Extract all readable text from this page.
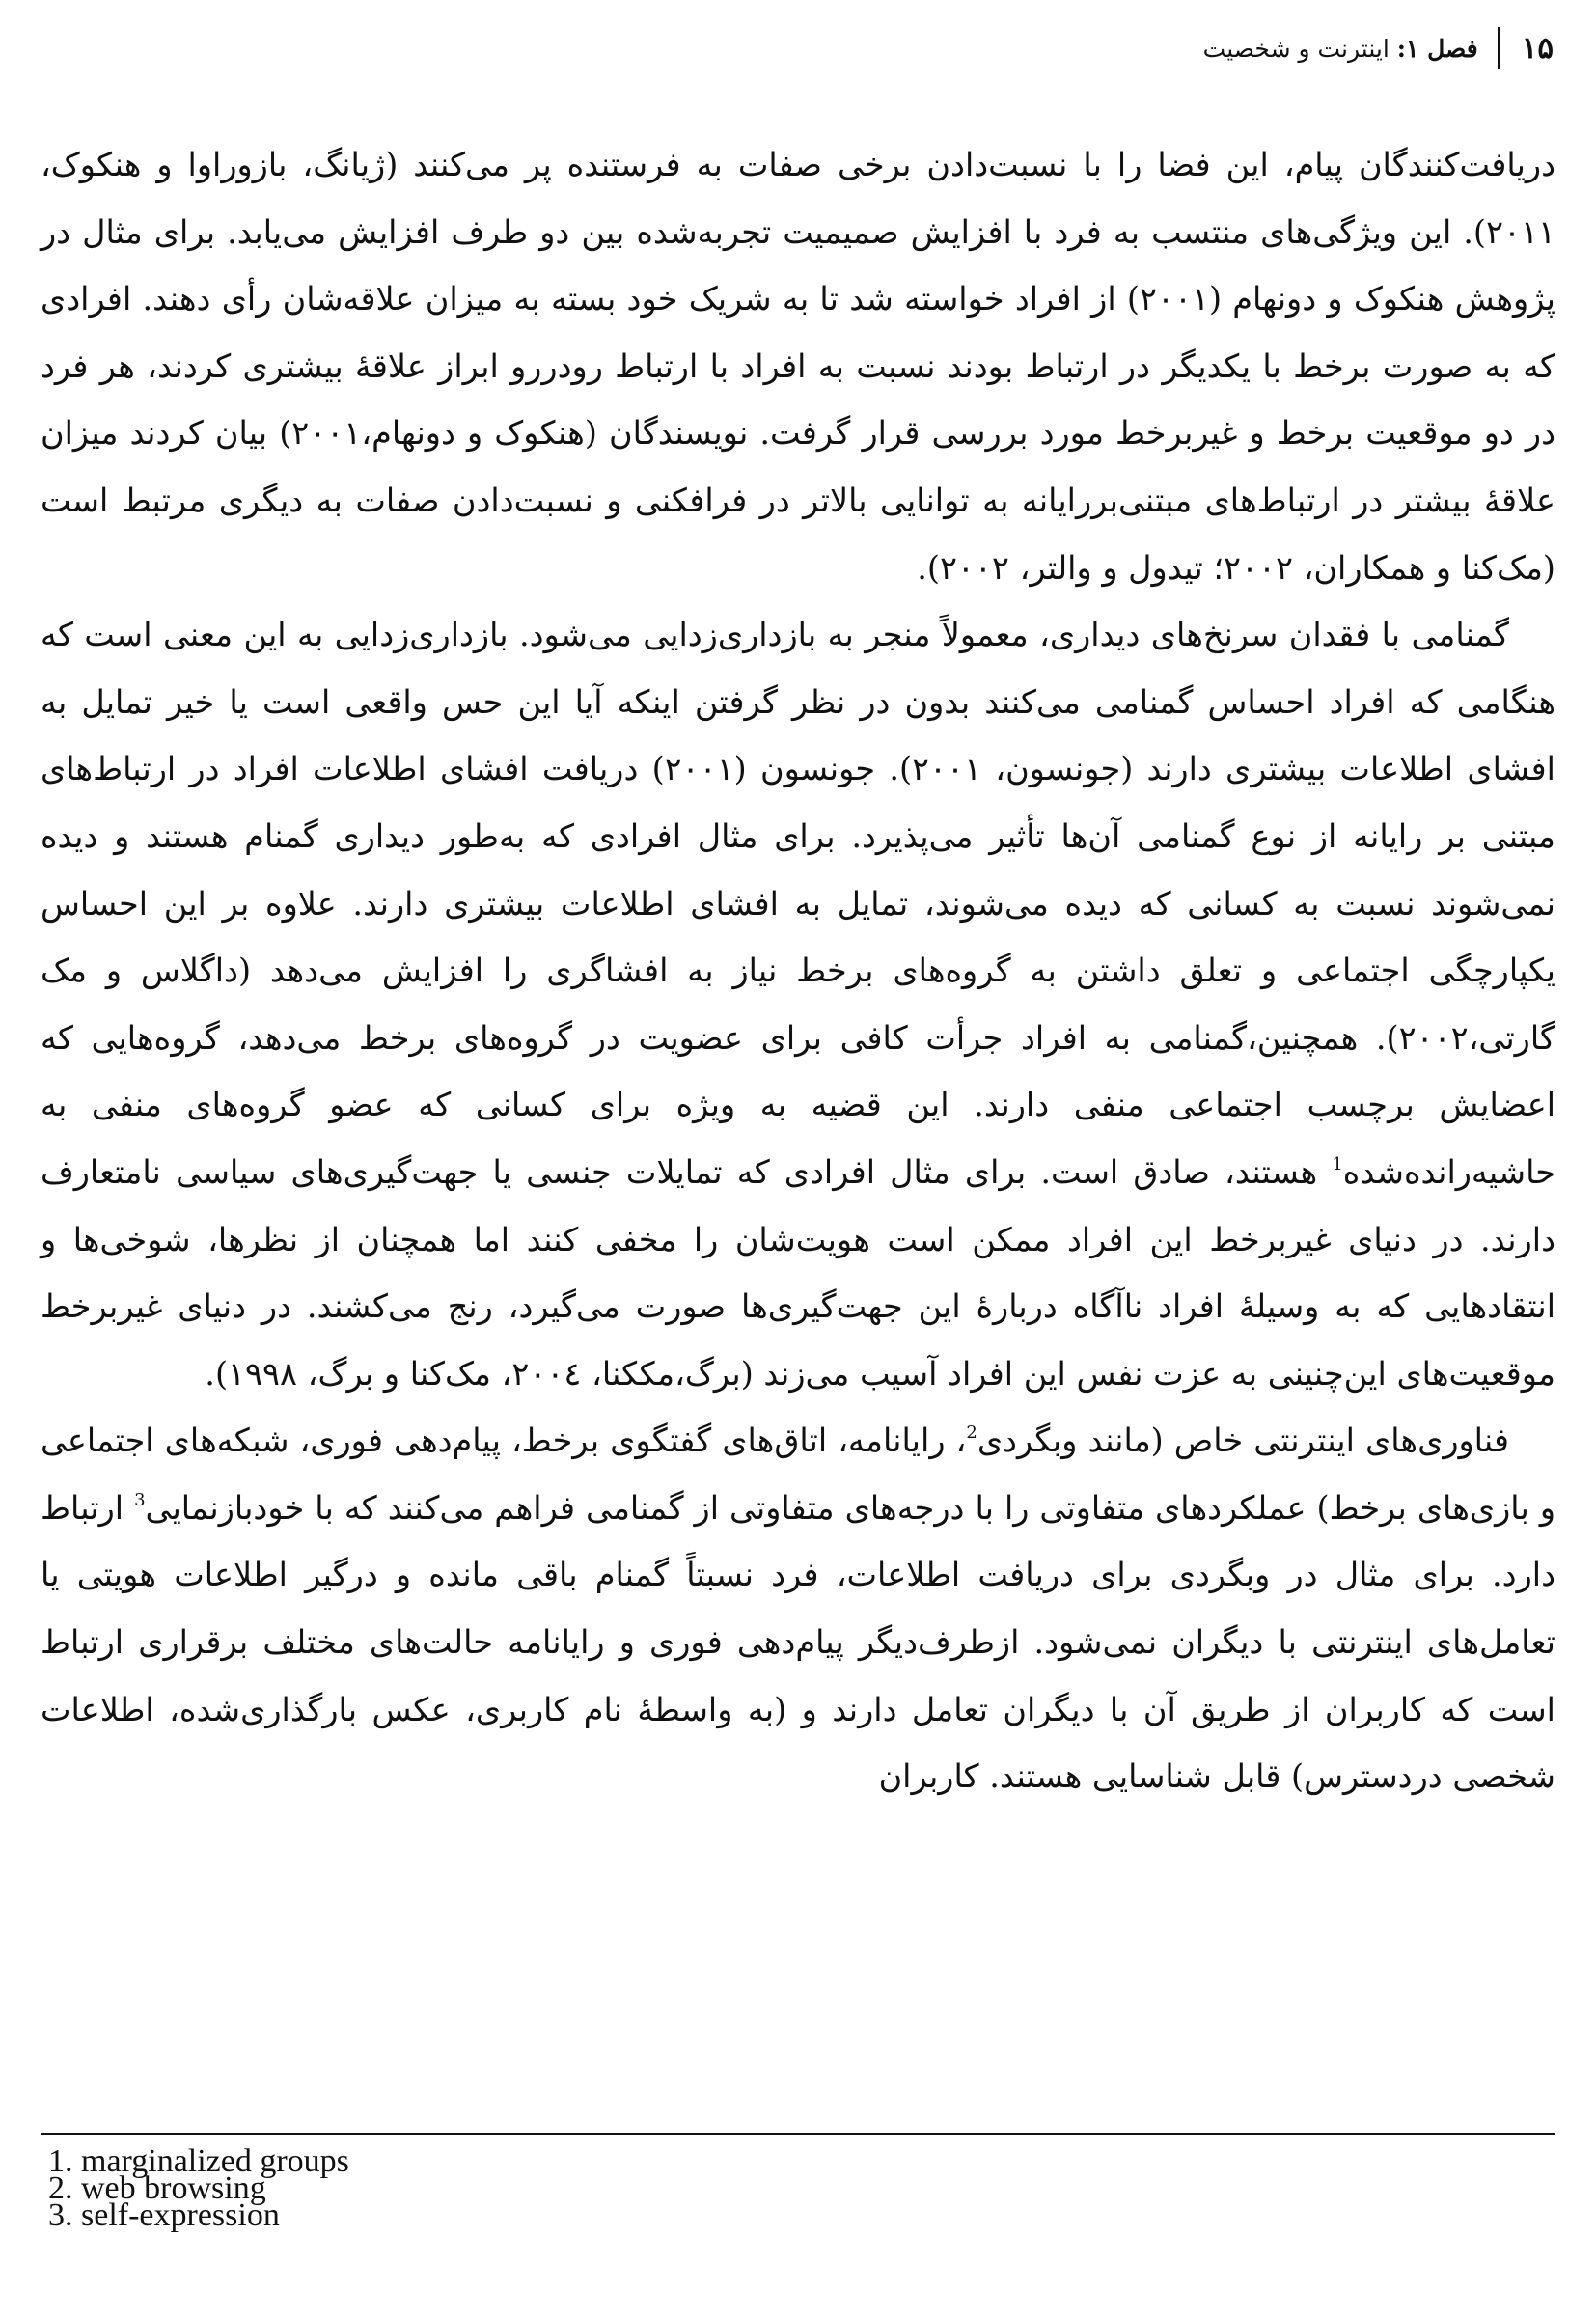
۱۵
فصل ۱: اینترنت و شخصیت

دریافت‌کنندگان پیام، این فضا را با نسبت‌دادن برخی صفات به فرستنده پر می‌کنند (ژیانگ، بازوراوا و هنکوک، ۲۰۱۱). این ویژگی‌های منتسب به فرد با افزایش صمیمیت تجربه‌شده بین دو طرف افزایش می‌یابد. برای مثال در پژوهش هنکوک و دونهام (۲۰۰۱) از افراد خواسته شد تا به شریک خود بسته به میزان علاقه‌شان رأی دهند. افرادی که به صورت برخط با یکدیگر در ارتباط بودند نسبت به افراد با ارتباط رودررو ابراز علاقهٔ بیشتری کردند، هر فرد در دو موقعیت برخط و غیربرخط مورد بررسی قرار گرفت. نویسندگان (هنکوک و دونهام،۲۰۰۱) بیان کردند میزان علاقهٔ بیشتر در ارتباط‌های مبتنی‌بررایانه به توانایی بالاتر در فرافکنی و نسبت‌دادن صفات به دیگری مرتبط است (مک‌کنا و همکاران، ۲۰۰۲؛ تیدول و والتر، ۲۰۰۲).

گمنامی با فقدان سرنخ‌های دیداری، معمولاً منجر به بازداری‌زدایی می‌شود. بازداری‌زدایی به این معنی است که هنگامی که افراد احساس گمنامی می‌کنند بدون در نظر گرفتن اینکه آیا این حس واقعی است یا خیر تمایل به افشای اطلاعات بیشتری دارند (جونسون، ۲۰۰۱). جونسون (۲۰۰۱) دریافت افشای اطلاعات افراد در ارتباط‌های مبتنی بر رایانه از نوع گمنامی آن‌ها تأثیر می‌پذیرد. برای مثال افرادی که به‌طور دیداری گمنام هستند و دیده نمی‌شوند نسبت به کسانی که دیده می‌شوند، تمایل به افشای اطلاعات بیشتری دارند. علاوه بر این احساس یکپارچگی اجتماعی و تعلق داشتن به گروه‌های برخط نیاز به افشاگری را افزایش می‌دهد (داگلاس و مک گارتی،۲۰۰۲). همچنین،گمنامی به افراد جرأت کافی برای عضویت در گروه‌های برخط می‌دهد، گروه‌هایی که اعضایش برچسب اجتماعی منفی دارند. این قضیه به ویژه برای کسانی که عضو گروه‌های منفی به حاشیه‌رانده‌شده$^1$ هستند، صادق است. برای مثال افرادی که تمایلات جنسی یا جهت‌گیری‌های سیاسی نامتعارف دارند. در دنیای غیربرخط این افراد ممکن است هویت‌شان را مخفی کنند اما همچنان از نظرها، شوخی‌ها و انتقادهایی که به وسیلهٔ افراد ناآگاه دربارهٔ این جهت‌گیری‌ها صورت می‌گیرد، رنج می‌کشند. در دنیای غیربرخط موقعیت‌های این‌چنینی به عزت نفس این افراد آسیب می‌زند (برگ،مککنا، ۲۰۰٤، مک‌کنا و برگ، ۱۹۹۸).

فناوری‌های اینترنتی خاص (مانند وبگردی$^2$، رایانامه، اتاق‌های گفتگوی برخط، پیام‌دهی فوری، شبکه‌های اجتماعی و بازی‌های برخط) عملکردهای متفاوتی را با درجه‌های متفاوتی از گمنامی فراهم می‌کنند که با خودبازنمایی$^3$ ارتباط دارد. برای مثال در وبگردی برای دریافت اطلاعات، فرد نسبتاً گمنام باقی مانده و درگیر اطلاعات هویتی یا تعامل‌های اینترنتی با دیگران نمی‌شود. ازطرف‌دیگر پیام‌دهی فوری و رایانامه حالت‌های مختلف برقراری ارتباط است که کاربران از طریق آن با دیگران تعامل دارند و (به واسطهٔ نام کاربری، عکس بارگذاری‌شده، اطلاعات شخصی دردسترس) قابل شناسایی هستند. کاربران

1. marginalized groups
2. web browsing
3. self-expression
